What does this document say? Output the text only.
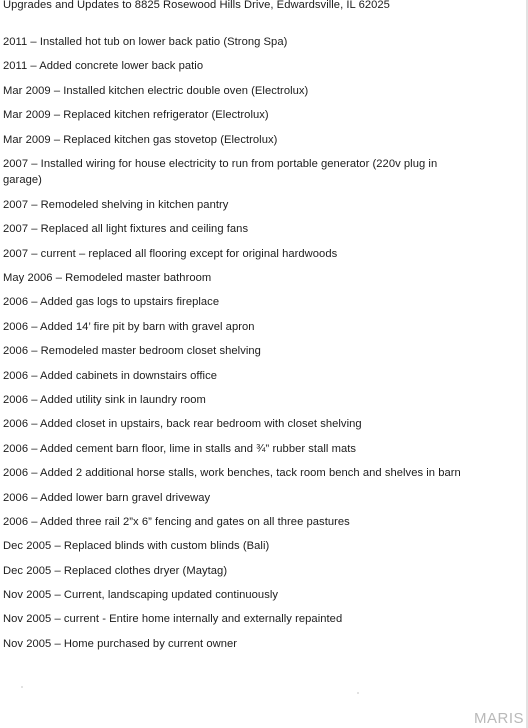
Upgrades and Updates to 8825 Rosewood Hills Drive, Edwardsville, IL 62025
2011 – Installed hot tub on lower back patio (Strong Spa)
2011 – Added concrete lower back patio
Mar 2009 – Installed kitchen electric double oven (Electrolux)
Mar 2009 – Replaced kitchen refrigerator (Electrolux)
Mar 2009 – Replaced kitchen gas stovetop (Electrolux)
2007 – Installed wiring for house electricity to run from portable generator (220v plug in garage)
2007 – Remodeled shelving in kitchen pantry
2007 – Replaced all light fixtures and ceiling fans
2007 – current – replaced all flooring except for original hardwoods
May 2006 – Remodeled master bathroom
2006 – Added gas logs to upstairs fireplace
2006 – Added 14’ fire pit by barn with gravel apron
2006 – Remodeled master bedroom closet shelving
2006 – Added cabinets in downstairs office
2006 – Added utility sink in laundry room
2006 – Added closet in upstairs, back rear bedroom with closet shelving
2006 – Added cement barn floor, lime in stalls and ¾” rubber stall mats
2006 – Added 2 additional horse stalls, work benches, tack room bench and shelves in barn
2006 – Added lower barn gravel driveway
2006 – Added three rail 2”x 6” fencing and gates on all three pastures
Dec 2005 – Replaced blinds with custom blinds (Bali)
Dec 2005 – Replaced clothes dryer (Maytag)
Nov 2005 – Current, landscaping updated continuously
Nov 2005 – current - Entire home internally and externally repainted
Nov 2005 – Home purchased by current owner
MARIS
